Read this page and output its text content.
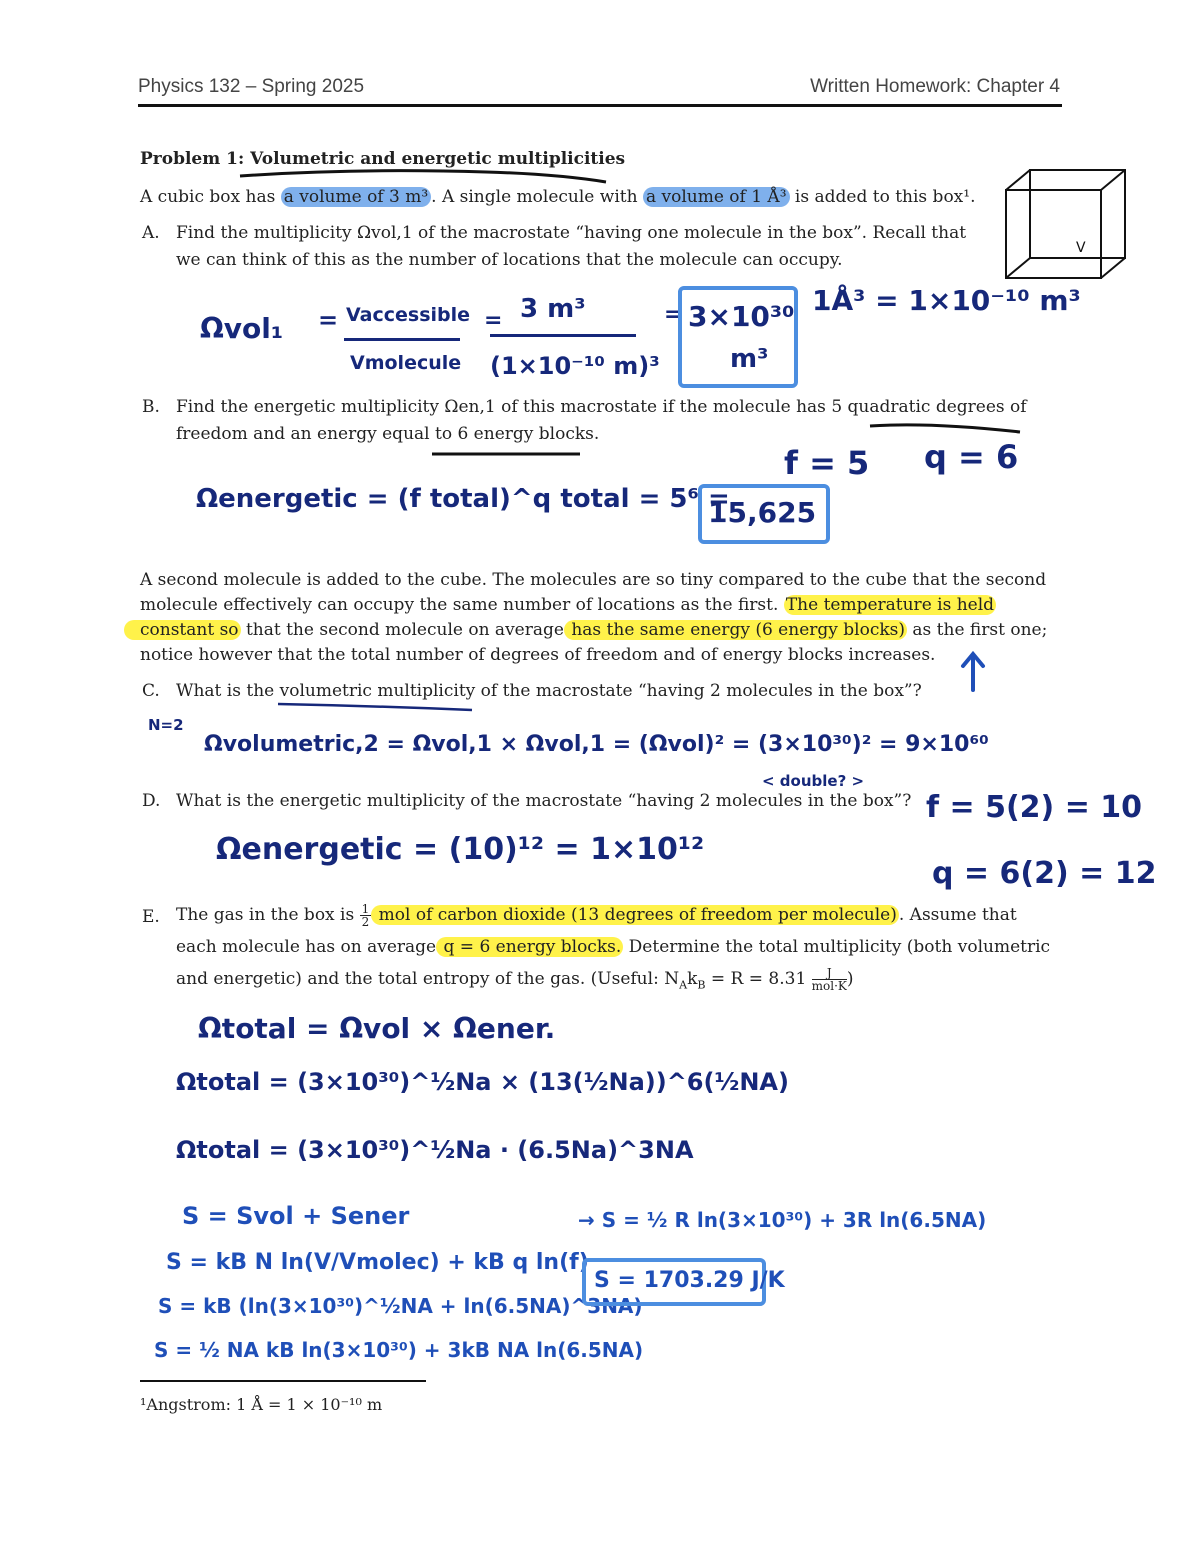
Physics 132 – Spring 2025	Written Homework: Chapter 4
Problem 1: Volumetric and energetic multiplicities
A cubic box has a volume of 3 m³ . A single molecule with a volume of 1 Å³ is added to this box¹.
V
A. Find the multiplicity Ωvol,1 of the macrostate “having one molecule in the box”. Recall that
we can think of this as the number of locations that the molecule can occupy.
Ωvol₁ = Vaccessible
Vmolecule
= 3 m³
(1×10⁻¹⁰ m)³
= 3×10³⁰
m³
1Å³ = 1×10⁻¹⁰ m³
B. Find the energetic multiplicity Ωen,1 of this macrostate if the molecule has 5 quadratic degrees of
freedom and an energy equal to 6 energy blocks.
f = 5 q = 6
Ωenergetic = (f total)^q total = 5⁶ =
15,625
A second molecule is added to the cube. The molecules are so tiny compared to the cube that the second
molecule effectively can occupy the same number of locations as the first. The temperature is held
constant so that the second molecule on average has the same energy (6 energy blocks) as the first one;
notice however that the total number of degrees of freedom and of energy blocks increases.
C. What is the volumetric multiplicity of the macrostate “having 2 molecules in the box”?
N=2
Ωvolumetric,2 = Ωvol,1 × Ωvol,1 = (Ωvol)² = (3×10³⁰)² = 9×10⁶⁰
< double? >
D. What is the energetic multiplicity of the macrostate “having 2 molecules in the box”? f = 5(2) = 10
Ωenergetic = (10)¹² = 1×10¹²
q = 6(2) = 12
E. The gas in the box is $\frac{1}{2}$ mol of carbon dioxide (13 degrees of freedom per molecule) . Assume that
each molecule has on average q = 6 energy blocks. Determine the total multiplicity (both volumetric
and energetic) and the total entropy of the gas. (Useful: $N_Ak_B = R = 8.31 \frac{J}{\text{mol·K}}$ )
Ωtotal = Ωvol × Ωener.
Ωtotal = (3×10³⁰)^½Na × (13(½Na))^6(½NA)
Ωtotal = (3×10³⁰)^½Na · (6.5Na)^3NA
S = Svol + Sener
S = kB N ln(V/Vmolec) + kB q ln(f)
S = kB (ln(3×10³⁰)^½NA + ln(6.5NA)^3NA)
S = ½ NA kB ln(3×10³⁰) + 3kB NA ln(6.5NA)
→ S = ½ R ln(3×10³⁰) + 3R ln(6.5NA)
S = 1703.29 J/K
¹Angstrom: 1 Å = 1 × 10⁻¹⁰ m
